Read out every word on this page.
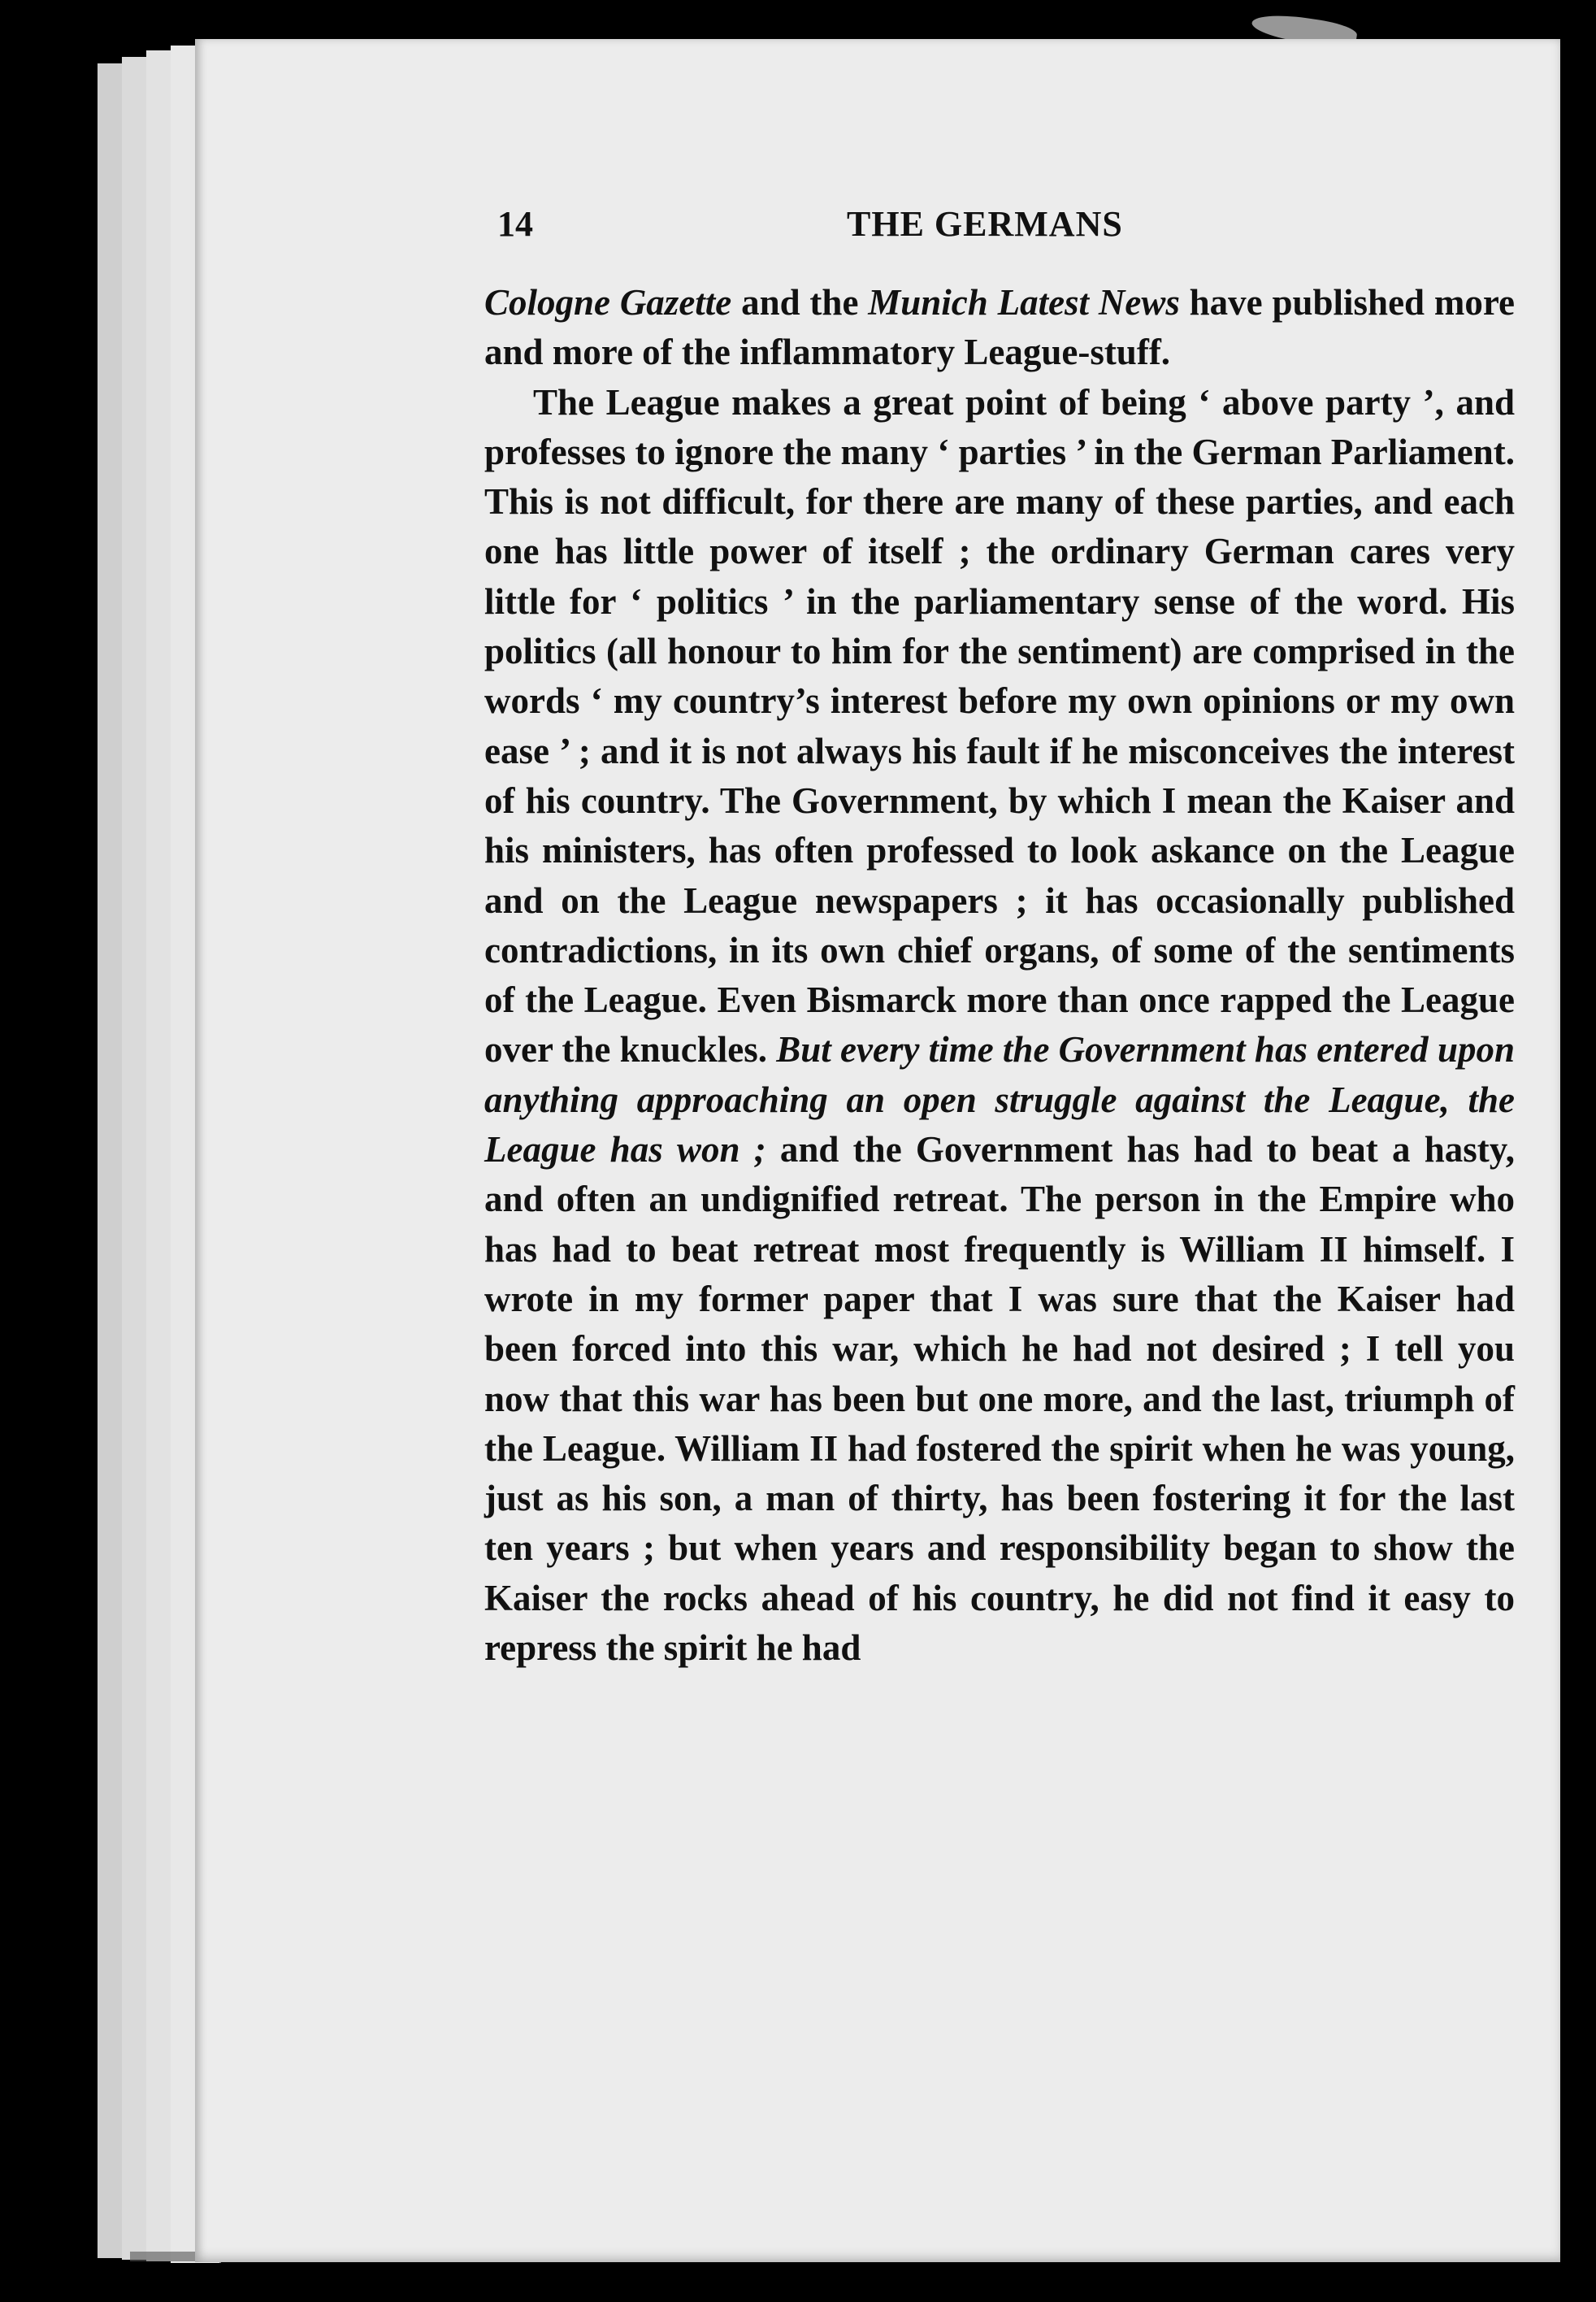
14	THE GERMANS

Cologne Gazette and the Munich Latest News have published more and more of the inflammatory League-stuff.

The League makes a great point of being ‘ above party ’, and professes to ignore the many ‘ parties ’ in the German Parliament. This is not difficult, for there are many of these parties, and each one has little power of itself ; the ordinary German cares very little for ‘ politics ’ in the parliamentary sense of the word. His politics (all honour to him for the sentiment) are comprised in the words ‘ my country’s interest before my own opinions or my own ease ’ ; and it is not always his fault if he misconceives the interest of his country. The Government, by which I mean the Kaiser and his ministers, has often professed to look askance on the League and on the League newspapers ; it has occasionally published contradictions, in its own chief organs, of some of the sentiments of the League. Even Bismarck more than once rapped the League over the knuckles. But every time the Government has entered upon anything approaching an open struggle against the League, the League has won ; and the Government has had to beat a hasty, and often an undignified retreat. The person in the Empire who has had to beat retreat most frequently is William II himself. I wrote in my former paper that I was sure that the Kaiser had been forced into this war, which he had not desired ; I tell you now that this war has been but one more, and the last, triumph of the League. William II had fostered the spirit when he was young, just as his son, a man of thirty, has been fostering it for the last ten years ; but when years and responsibility began to show the Kaiser the rocks ahead of his country, he did not find it easy to repress the spirit he had
